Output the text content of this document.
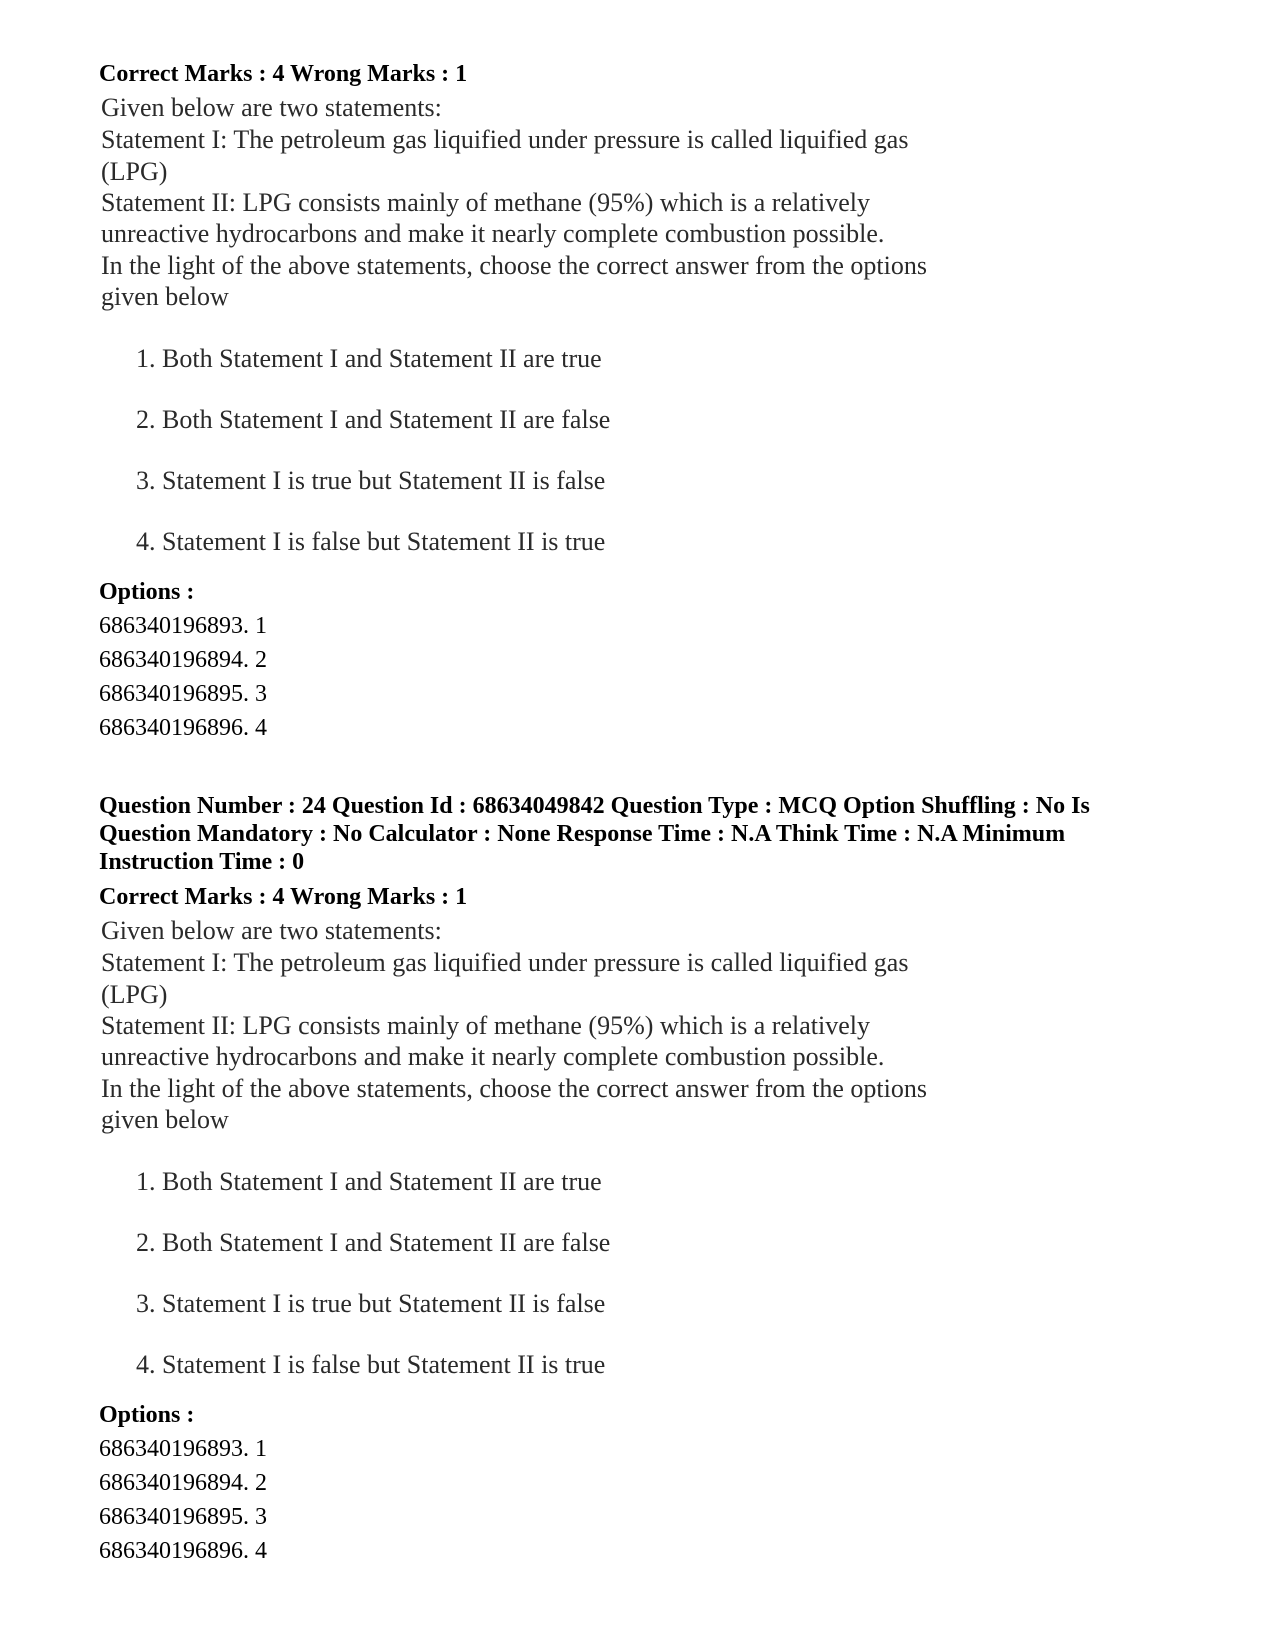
Correct Marks : 4 Wrong Marks : 1
Given below are two statements:
Statement I: The petroleum gas liquified under pressure is called liquified gas
(LPG)
Statement II: LPG consists mainly of methane (95%) which is a relatively
unreactive hydrocarbons and make it nearly complete combustion possible.
In the light of the above statements, choose the correct answer from the options
given below
1. Both Statement I and Statement II are true
2. Both Statement I and Statement II are false
3. Statement I is true but Statement II is false
4. Statement I is false but Statement II is true
Options :
686340196893. 1
686340196894. 2
686340196895. 3
686340196896. 4
Question Number : 24 Question Id : 68634049842 Question Type : MCQ Option Shuffling : No Is
Question Mandatory : No Calculator : None Response Time : N.A Think Time : N.A Minimum
Instruction Time : 0
Correct Marks : 4 Wrong Marks : 1
Given below are two statements:
Statement I: The petroleum gas liquified under pressure is called liquified gas
(LPG)
Statement II: LPG consists mainly of methane (95%) which is a relatively
unreactive hydrocarbons and make it nearly complete combustion possible.
In the light of the above statements, choose the correct answer from the options
given below
1. Both Statement I and Statement II are true
2. Both Statement I and Statement II are false
3. Statement I is true but Statement II is false
4. Statement I is false but Statement II is true
Options :
686340196893. 1
686340196894. 2
686340196895. 3
686340196896. 4
